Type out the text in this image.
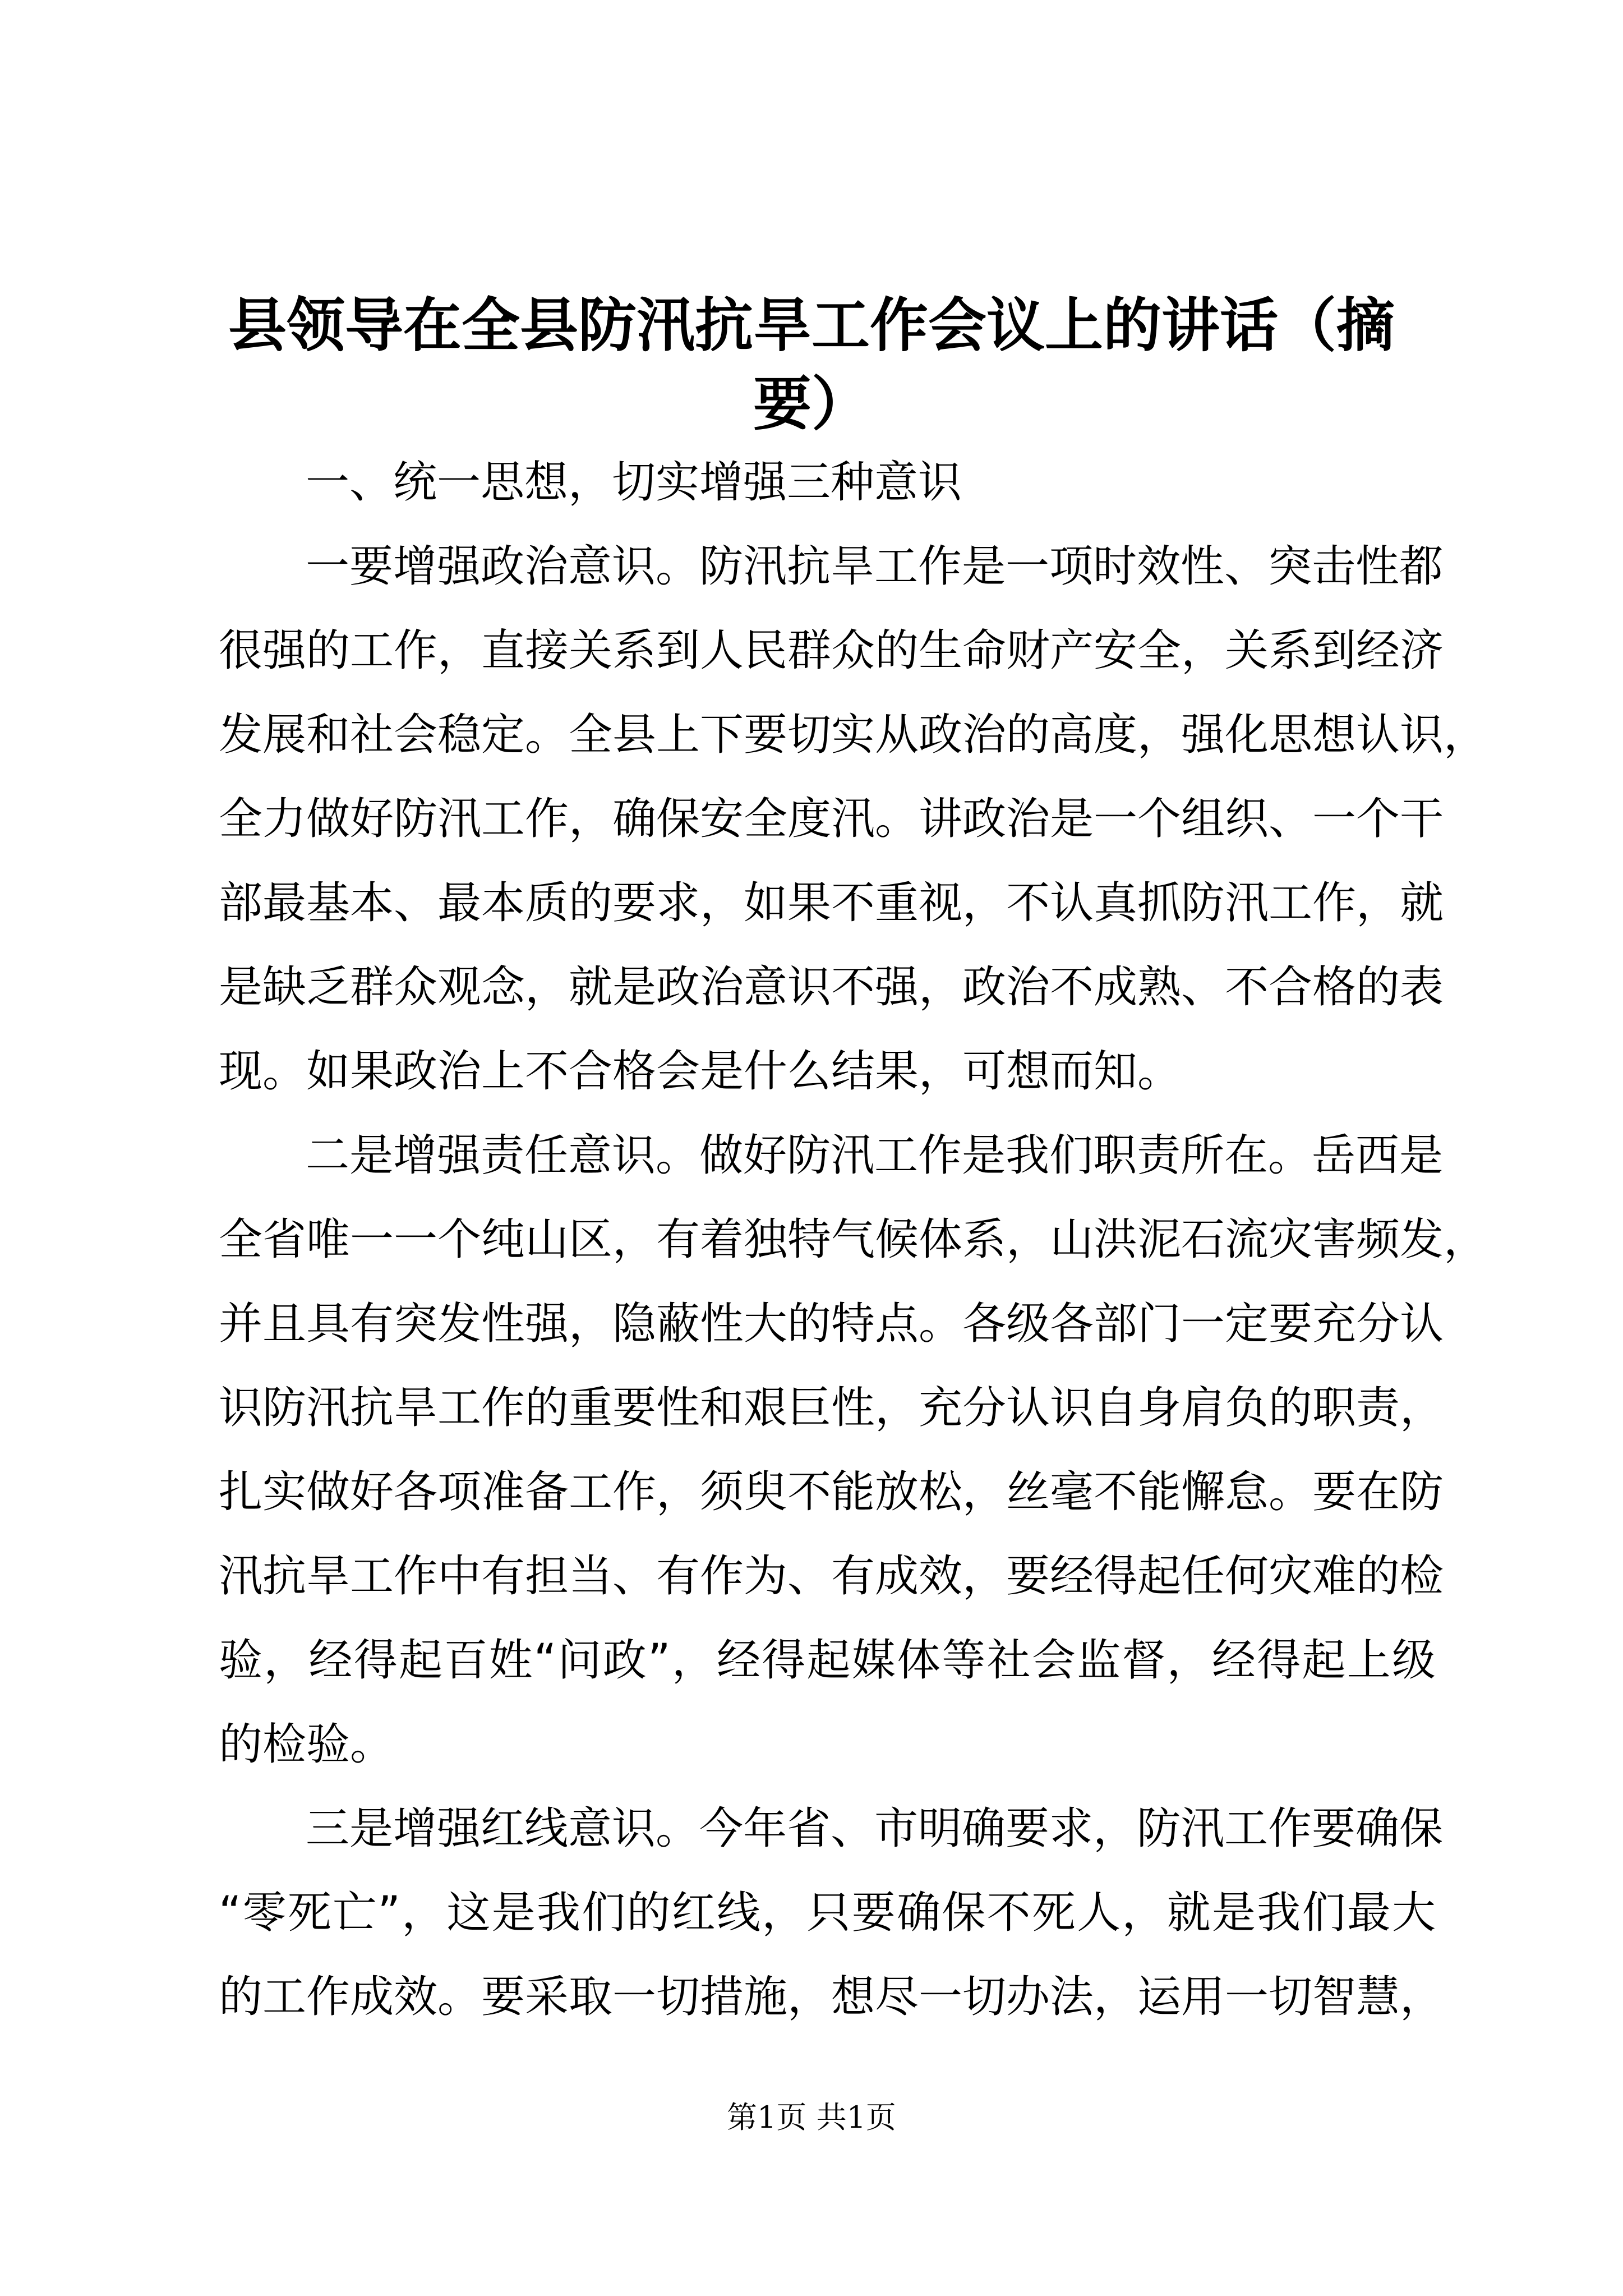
县领导在全县防汛抗旱工作会议上的讲话（摘
要）
一、统一思想，切实增强三种意识
一要增强政治意识。防汛抗旱工作是一项时效性、突击性都
很强的工作，直接关系到人民群众的生命财产安全，关系到经济
发展和社会稳定。全县上下要切实从政治的高度，强化思想认识，
全力做好防汛工作，确保安全度汛。讲政治是一个组织、一个干
部最基本、最本质的要求，如果不重视，不认真抓防汛工作，就
是缺乏群众观念，就是政治意识不强，政治不成熟、不合格的表
现。如果政治上不合格会是什么结果，可想而知。
二是增强责任意识。做好防汛工作是我们职责所在。岳西是
全省唯一一个纯山区，有着独特气候体系，山洪泥石流灾害频发，
并且具有突发性强，隐蔽性大的特点。各级各部门一定要充分认
识防汛抗旱工作的重要性和艰巨性，充分认识自身肩负的职责，
扎实做好各项准备工作，须臾不能放松，丝毫不能懈怠。要在防
汛抗旱工作中有担当、有作为、有成效，要经得起任何灾难的检
验，经得起百姓“问政”，经得起媒体等社会监督，经得起上级
的检验。
三是增强红线意识。今年省、市明确要求，防汛工作要确保
“零死亡”，这是我们的红线，只要确保不死人，就是我们最大
的工作成效。要采取一切措施，想尽一切办法，运用一切智慧，
第1页 共1页
